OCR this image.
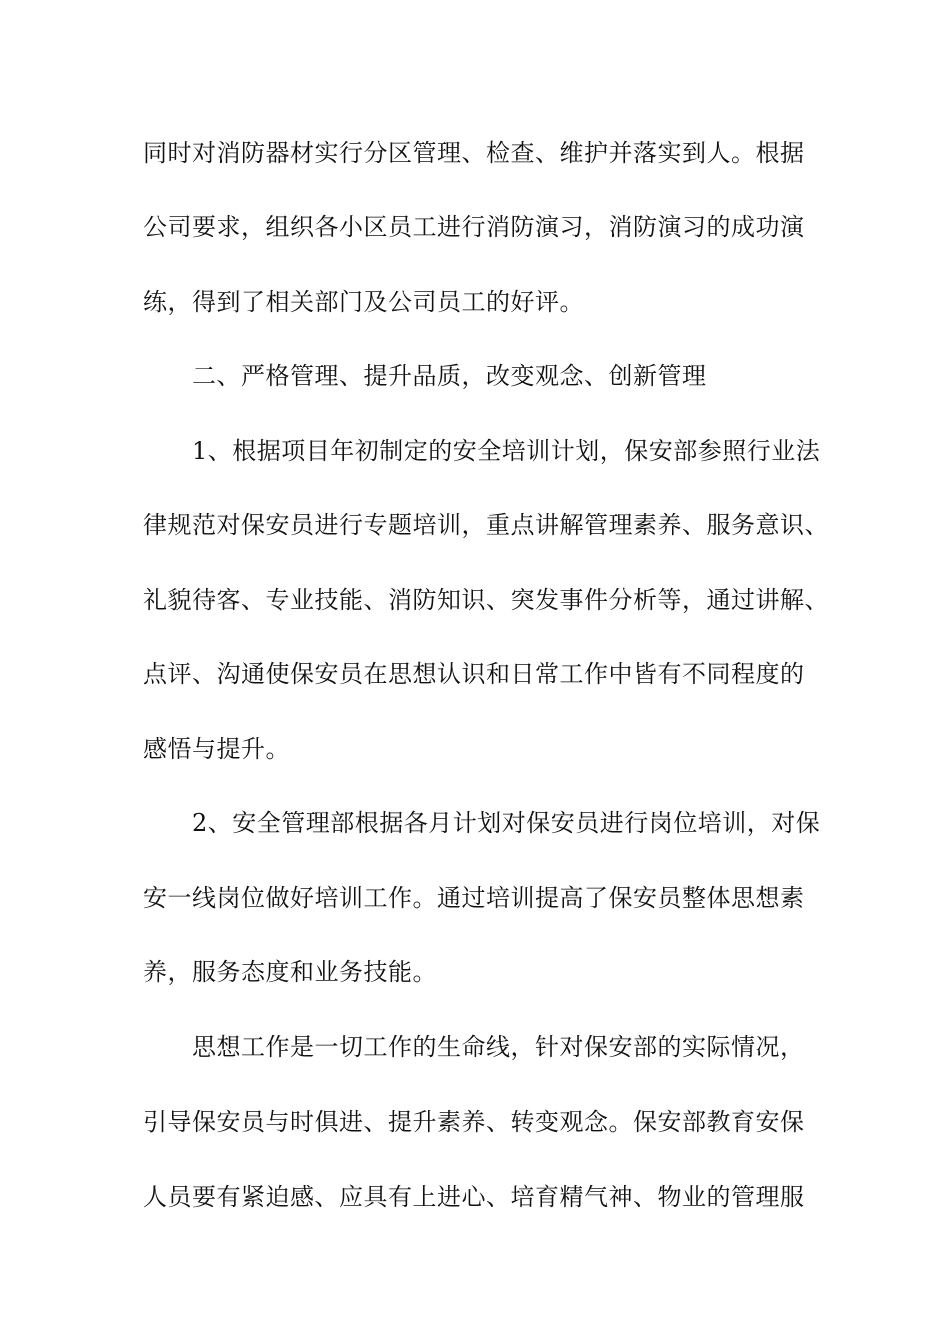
同时对消防器材实行分区管理、检查、维护并落实到人。根据
公司要求，组织各小区员工进行消防演习，消防演习的成功演
练，得到了相关部门及公司员工的好评。
二、严格管理、提升品质，改变观念、创新管理
1、根据项目年初制定的安全培训计划，保安部参照行业法
律规范对保安员进行专题培训，重点讲解管理素养、服务意识、
礼貌待客、专业技能、消防知识、突发事件分析等，通过讲解、
点评、沟通使保安员在思想认识和日常工作中皆有不同程度的
感悟与提升。
2、安全管理部根据各月计划对保安员进行岗位培训，对保
安一线岗位做好培训工作。通过培训提高了保安员整体思想素
养，服务态度和业务技能。
思想工作是一切工作的生命线，针对保安部的实际情况，
引导保安员与时俱进、提升素养、转变观念。保安部教育安保
人员要有紧迫感、应具有上进心、培育精气神、物业的管理服
